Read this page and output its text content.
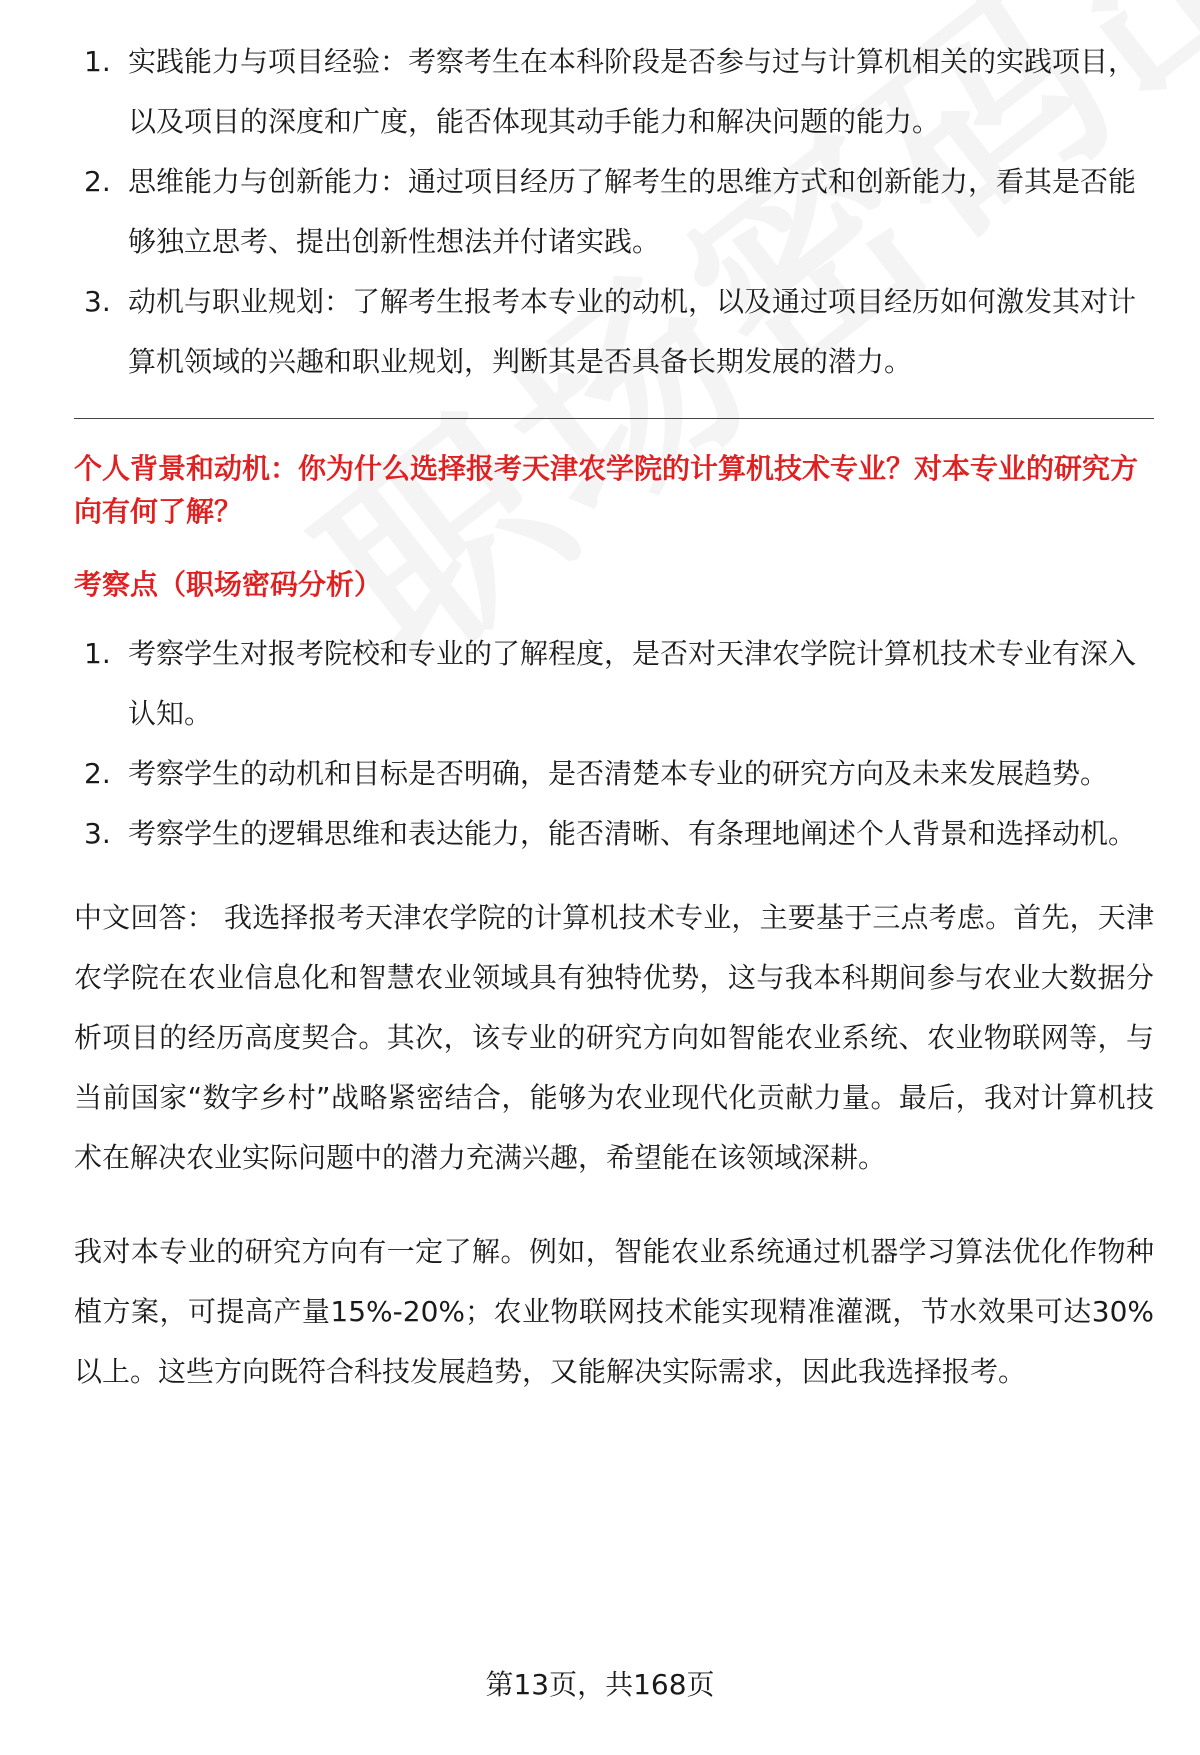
1. 实践能力与项目经验：考察考生在本科阶段是否参与过与计算机相关的实践项目，以及项目的深度和广度，能否体现其动手能力和解决问题的能力。
2. 思维能力与创新能力：通过项目经历了解考生的思维方式和创新能力，看其是否能够独立思考、提出创新性想法并付诸实践。
3. 动机与职业规划：了解考生报考本专业的动机，以及通过项目经历如何激发其对计算机领域的兴趣和职业规划，判断其是否具备长期发展的潜力。

个人背景和动机：你为什么选择报考天津农学院的计算机技术专业？对本专业的研究方向有何了解？

考察点（职场密码分析）

1. 考察学生对报考院校和专业的了解程度，是否对天津农学院计算机技术专业有深入认知。
2. 考察学生的动机和目标是否明确，是否清楚本专业的研究方向及未来发展趋势。
3. 考察学生的逻辑思维和表达能力，能否清晰、有条理地阐述个人背景和选择动机。

中文回答： 我选择报考天津农学院的计算机技术专业，主要基于三点考虑。首先，天津农学院在农业信息化和智慧农业领域具有独特优势，这与我本科期间参与农业大数据分析项目的经历高度契合。其次，该专业的研究方向如智能农业系统、农业物联网等，与当前国家“数字乡村”战略紧密结合，能够为农业现代化贡献力量。最后，我对计算机技术在解决农业实际问题中的潜力充满兴趣，希望能在该领域深耕。

我对本专业的研究方向有一定了解。例如，智能农业系统通过机器学习算法优化作物种植方案，可提高产量15%-20%；农业物联网技术能实现精准灌溉，节水效果可达30%以上。这些方向既符合科技发展趋势，又能解决实际需求，因此我选择报考。

第13页，共168页
